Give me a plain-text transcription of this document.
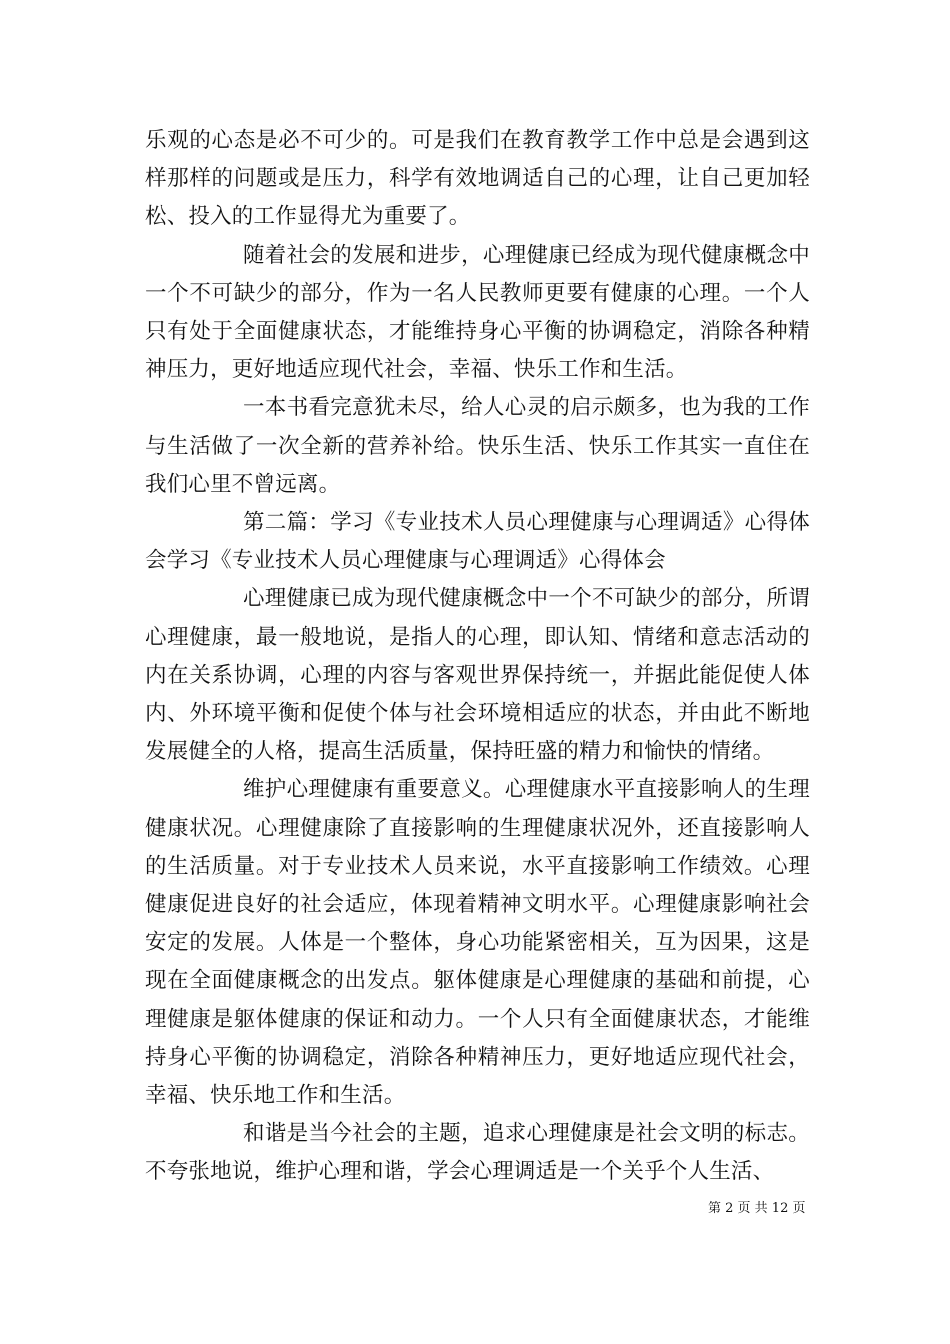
乐观的心态是必不可少的。可是我们在教育教学工作中总是会遇到这样那样的问题或是压力，科学有效地调适自己的心理，让自己更加轻松、投入的工作显得尤为重要了。

随着社会的发展和进步，心理健康已经成为现代健康概念中一个不可缺少的部分，作为一名人民教师更要有健康的心理。一个人只有处于全面健康状态，才能维持身心平衡的协调稳定，消除各种精神压力，更好地适应现代社会，幸福、快乐工作和生活。

一本书看完意犹未尽，给人心灵的启示颇多，也为我的工作与生活做了一次全新的营养补给。快乐生活、快乐工作其实一直住在我们心里不曾远离。

第二篇：学习《专业技术人员心理健康与心理调适》心得体会学习《专业技术人员心理健康与心理调适》心得体会

心理健康已成为现代健康概念中一个不可缺少的部分，所谓心理健康，最一般地说，是指人的心理，即认知、情绪和意志活动的内在关系协调，心理的内容与客观世界保持统一，并据此能促使人体内、外环境平衡和促使个体与社会环境相适应的状态，并由此不断地发展健全的人格，提高生活质量，保持旺盛的精力和愉快的情绪。

维护心理健康有重要意义。心理健康水平直接影响人的生理健康状况。心理健康除了直接影响的生理健康状况外，还直接影响人的生活质量。对于专业技术人员来说，水平直接影响工作绩效。心理健康促进良好的社会适应，体现着精神文明水平。心理健康影响社会安定的发展。人体是一个整体，身心功能紧密相关，互为因果，这是现在全面健康概念的出发点。躯体健康是心理健康的基础和前提，心理健康是躯体健康的保证和动力。一个人只有全面健康状态，才能维持身心平衡的协调稳定，消除各种精神压力，更好地适应现代社会，幸福、快乐地工作和生活。

和谐是当今社会的主题，追求心理健康是社会文明的标志。不夸张地说，维护心理和谐，学会心理调适是一个关乎个人生活、

第 2 页 共 12 页
